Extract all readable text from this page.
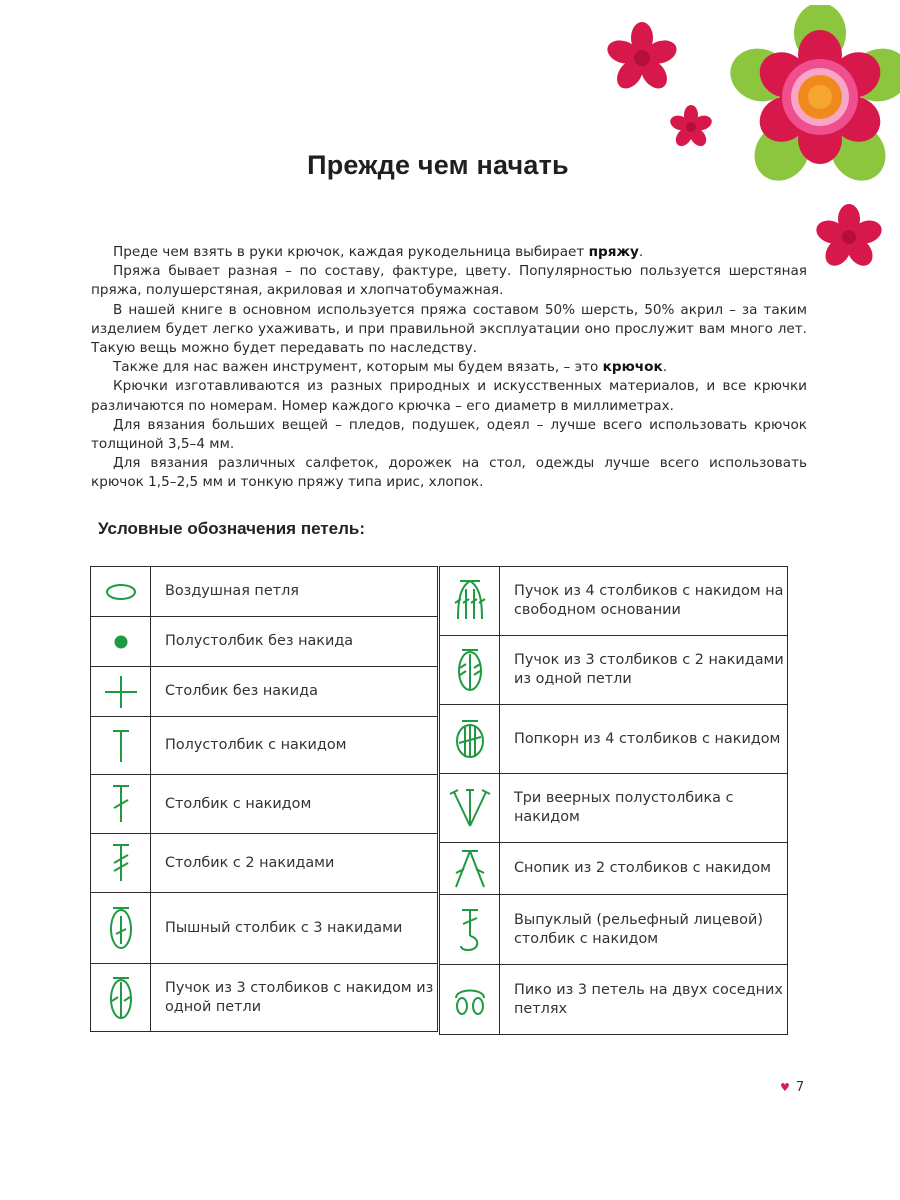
Прежде чем начать

Преде чем взять в руки крючок, каждая рукодельница выбирает пряжу.

Пряжа бывает разная – по составу, фактуре, цвету. Популярностью пользуется шерстяная пряжа, полушерстяная, акриловая и хлопчатобумажная.

В нашей книге в основном используется пряжа составом 50% шерсть, 50% акрил – за таким изделием будет легко ухаживать, и при правильной эксплуатации оно прослужит вам много лет. Такую вещь можно будет передавать по наследству.

Также для нас важен инструмент, которым мы будем вязать, – это крючок.

Крючки изготавливаются из разных природных и искусственных материалов, и все крючки различаются по номерам. Номер каждого крючка – его диаметр в миллиметрах.

Для вязания больших вещей – пледов, подушек, одеял – лучше всего использовать крючок толщиной 3,5–4 мм.

Для вязания различных салфеток, дорожек на стол, одежды лучше всего использовать крючок 1,5–2,5 мм и тонкую пряжу типа ирис, хлопок.

Условные обозначения петель:
	Воздушная петля

	Полустолбик без накида

	Столбик без накида

	Полустолбик с накидом

	Столбик с накидом

	Столбик с 2 накидами

	Пышный столбик с 3 накидами

	Пучок из 3 столбиков с накидом из одной петли
	Пучок из 4 столбиков с накидом на свободном основании

	Пучок из 3 столбиков с 2 накидами из одной петли

	Попкорн из 4 столбиков с накидом

	Три веерных полустолбика с накидом

	Снопик из 2 столбиков с накидом

	Выпуклый (рельефный лицевой) столбик с накидом

	Пико из 3 петель на двух соседних петлях
♥ 7
